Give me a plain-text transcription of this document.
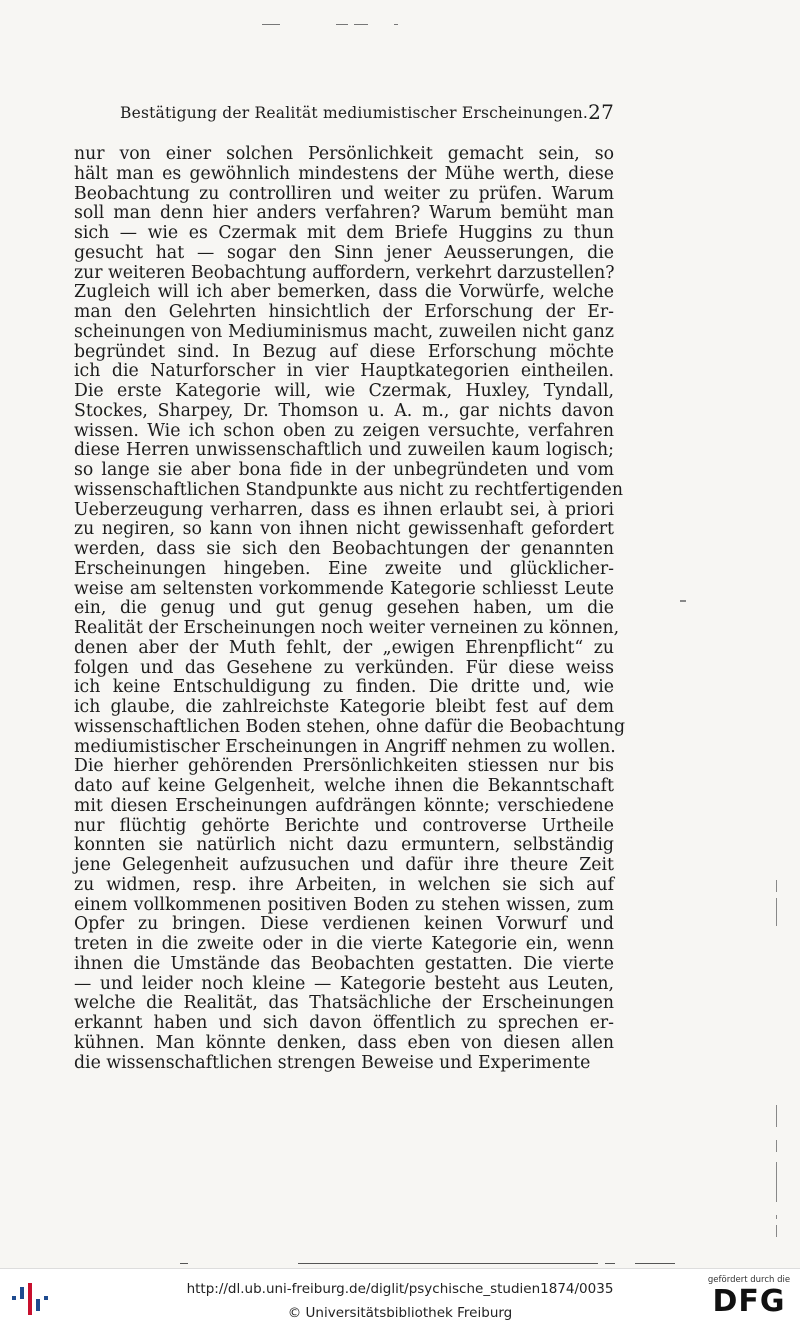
Bestätigung der Realität mediumistischer Erscheinungen. 27
nur von einer solchen Persönlichkeit gemacht sein, so
hält man es gewöhnlich mindestens der Mühe werth, diese
Beobachtung zu controlliren und weiter zu prüfen. Warum
soll man denn hier anders verfahren? Warum bemüht man
sich — wie es Czermak mit dem Briefe Huggins zu thun
gesucht hat — sogar den Sinn jener Aeusserungen, die
zur weiteren Beobachtung auffordern, verkehrt darzustellen?
Zugleich will ich aber bemerken, dass die Vorwürfe, welche
man den Gelehrten hinsichtlich der Erforschung der Er-
scheinungen von Mediuminismus macht, zuweilen nicht ganz
begründet sind. In Bezug auf diese Erforschung möchte
ich die Naturforscher in vier Hauptkategorien eintheilen.
Die erste Kategorie will, wie Czermak, Huxley, Tyndall,
Stockes, Sharpey, Dr. Thomson u. A. m., gar nichts davon
wissen. Wie ich schon oben zu zeigen versuchte, verfahren
diese Herren unwissenschaftlich und zuweilen kaum logisch;
so lange sie aber bona fide in der unbegründeten und vom
wissenschaftlichen Standpunkte aus nicht zu rechtfertigenden
Ueberzeugung verharren, dass es ihnen erlaubt sei, à priori
zu negiren, so kann von ihnen nicht gewissenhaft gefordert
werden, dass sie sich den Beobachtungen der genannten
Erscheinungen hingeben. Eine zweite und glücklicher-
weise am seltensten vorkommende Kategorie schliesst Leute
ein, die genug und gut genug gesehen haben, um die
Realität der Erscheinungen noch weiter verneinen zu können,
denen aber der Muth fehlt, der „ewigen Ehrenpflicht“ zu
folgen und das Gesehene zu verkünden. Für diese weiss
ich keine Entschuldigung zu finden. Die dritte und, wie
ich glaube, die zahlreichste Kategorie bleibt fest auf dem
wissenschaftlichen Boden stehen, ohne dafür die Beobachtung
mediumistischer Erscheinungen in Angriff nehmen zu wollen.
Die hierher gehörenden Prersönlichkeiten stiessen nur bis
dato auf keine Gelgenheit, welche ihnen die Bekanntschaft
mit diesen Erscheinungen aufdrängen könnte; verschiedene
nur flüchtig gehörte Berichte und controverse Urtheile
konnten sie natürlich nicht dazu ermuntern, selbständig
jene Gelegenheit aufzusuchen und dafür ihre theure Zeit
zu widmen, resp. ihre Arbeiten, in welchen sie sich auf
einem vollkommenen positiven Boden zu stehen wissen, zum
Opfer zu bringen. Diese verdienen keinen Vorwurf und
treten in die zweite oder in die vierte Kategorie ein, wenn
ihnen die Umstände das Beobachten gestatten. Die vierte
— und leider noch kleine — Kategorie besteht aus Leuten,
welche die Realität, das Thatsächliche der Erscheinungen
erkannt haben und sich davon öffentlich zu sprechen er-
kühnen. Man könnte denken, dass eben von diesen allen
die wissenschaftlichen strengen Beweise und Experimente
http://dl.ub.uni-freiburg.de/diglit/psychische_studien1874/0035
© Universitätsbibliothek Freiburg
gefördert durch die
DFG
